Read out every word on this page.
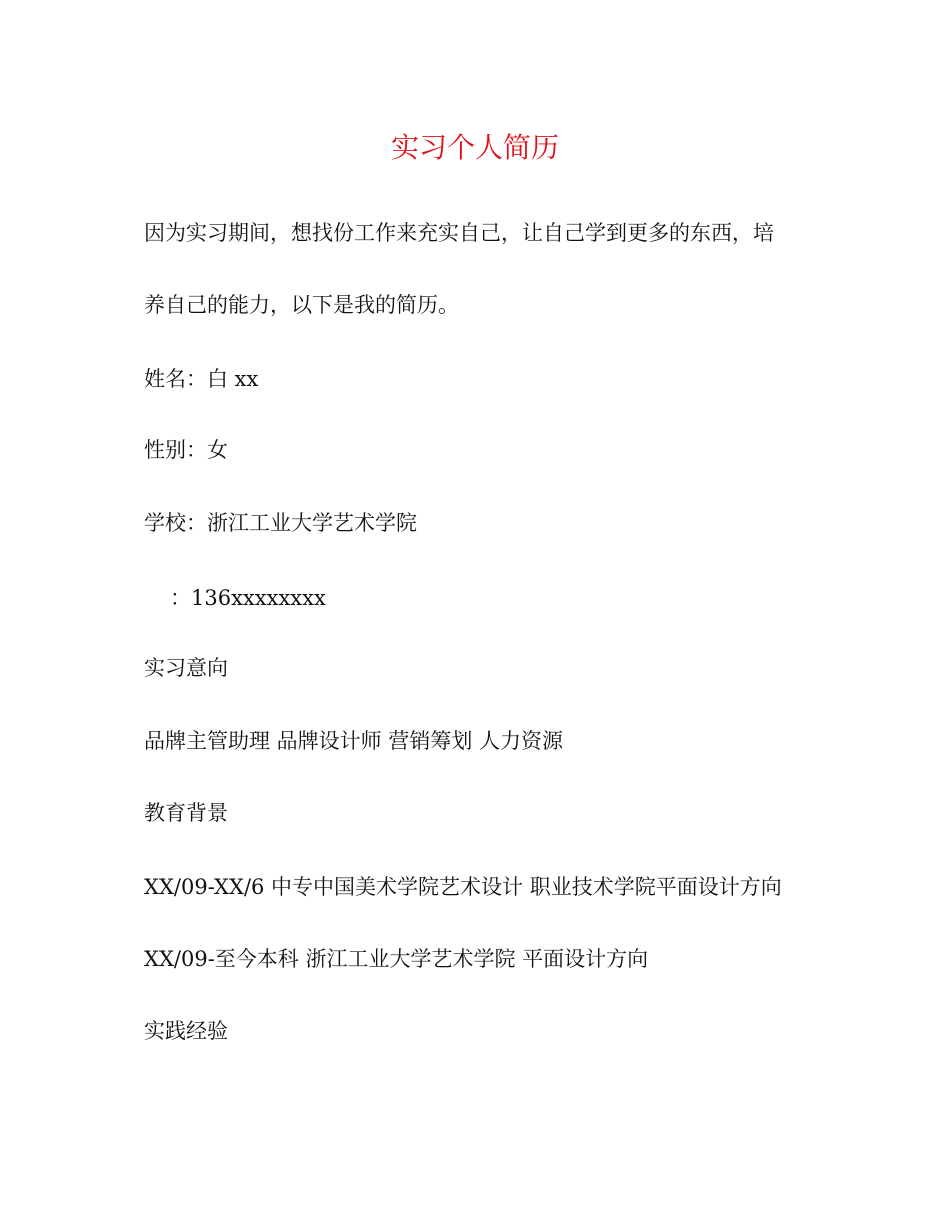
实习个人简历
因为实习期间，想找份工作来充实自己，让自己学到更多的东西，培
养自己的能力，以下是我的简历。
姓名：白 xx
性别：女
学校：浙江工业大学艺术学院
：136xxxxxxxx
实习意向
品牌主管助理 品牌设计师 营销筹划 人力资源
教育背景
XX/09-XX/6 中专中国美术学院艺术设计 职业技术学院平面设计方向
XX/09-至今本科 浙江工业大学艺术学院 平面设计方向
实践经验
